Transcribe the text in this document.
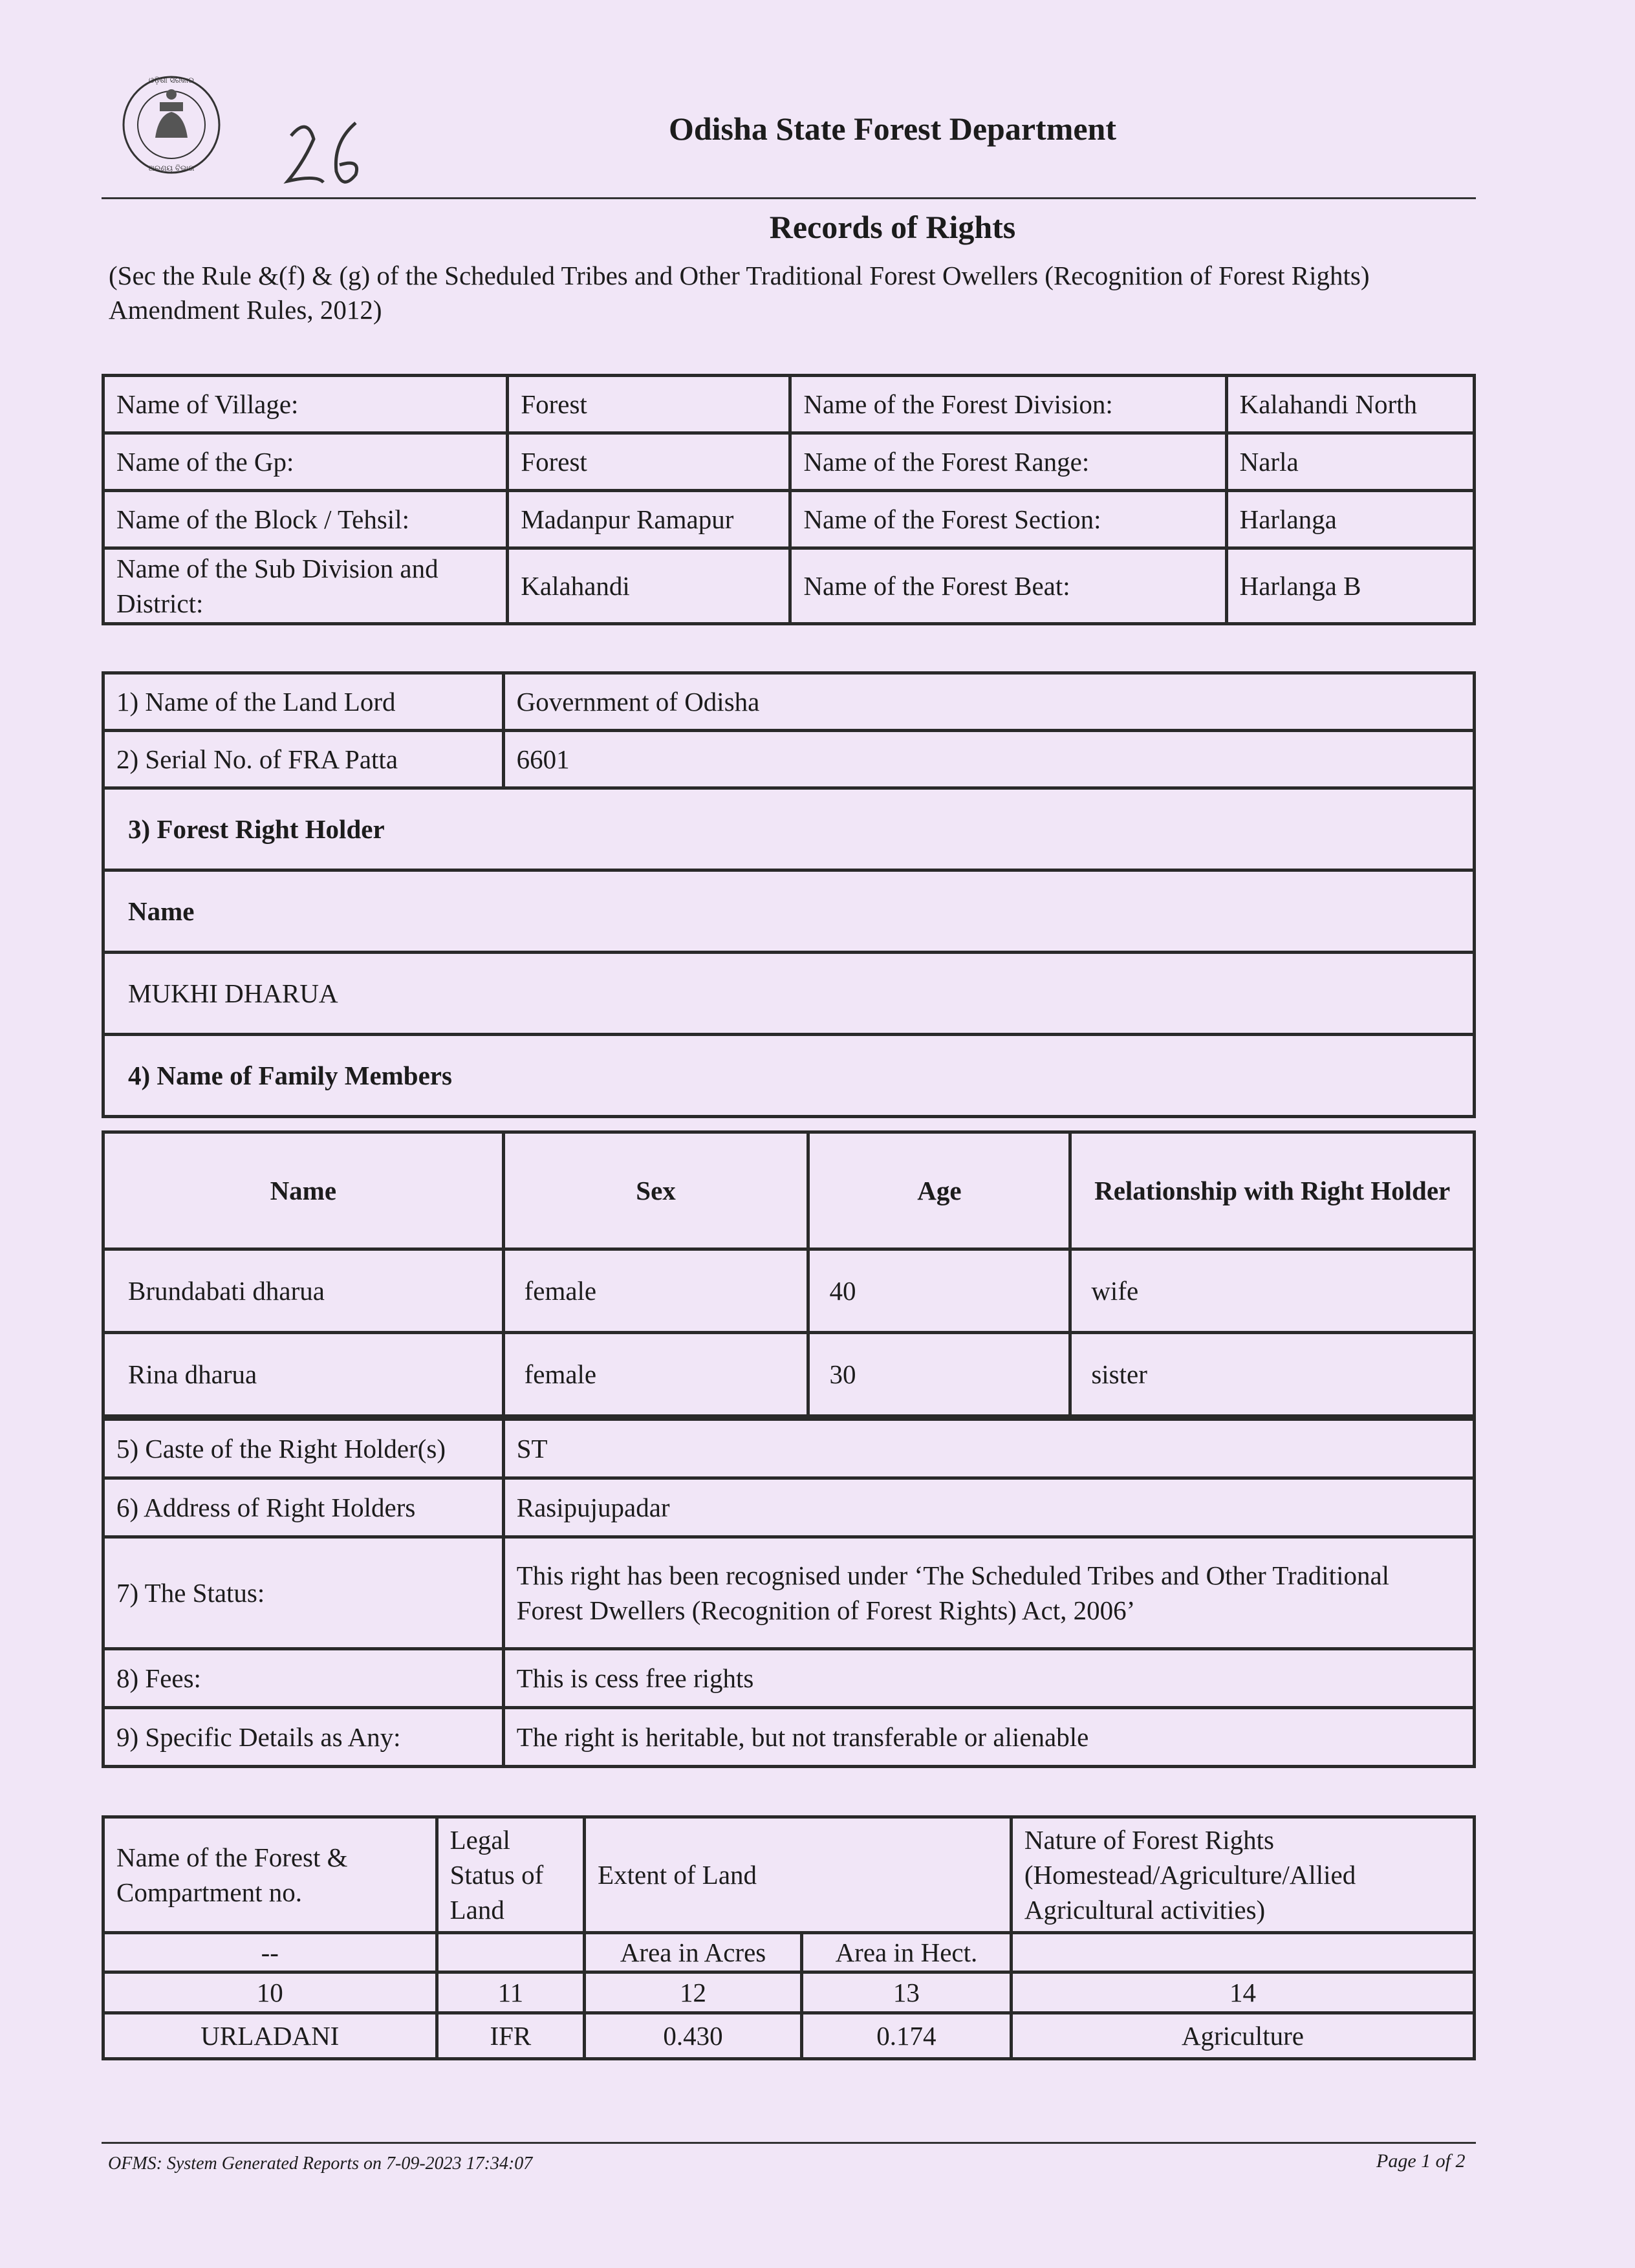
ଓଡ଼ିଶା ସରକାର
ଅରଣ୍ୟ ବିଭାଗ
Odisha State Forest Department
Records of Rights
(Sec the Rule &(f) & (g) of the Scheduled Tribes and Other Traditional Forest Owellers (Recognition of Forest Rights) Amendment Rules, 2012)
Name of Village:	Forest	Name of the Forest Division:	Kalahandi North
Name of the Gp:	Forest	Name of the Forest Range:	Narla
Name of the Block / Tehsil:	Madanpur Ramapur	Name of the Forest Section:	Harlanga
Name of the Sub Division and District:	Kalahandi	Name of the Forest Beat:	Harlanga B
1) Name of the Land Lord	Government of Odisha
2) Serial No. of FRA Patta	6601
3) Forest Right Holder	
Name	
MUKHI DHARUA	
4) Name of Family Members	
Name	Sex	Age	Relationship with Right Holder
Brundabati dharua	female	40	wife
Rina dharua	female	30	sister
5) Caste of the Right Holder(s)	ST
6) Address of Right Holders	Rasipujupadar
7) The Status:	This right has been recognised under ‘The Scheduled Tribes and Other Traditional
Forest Dwellers (Recognition of Forest Rights) Act, 2006’

8) Fees:	This is cess free rights
9) Specific Details as Any:	The right is heritable, but not transferable or alienable
Name of the Forest & Compartment no.	Legal Status of Land	Extent of Land		Nature of Forest Rights (Homestead/Agriculture/Allied Agricultural activities)
--		Area in Acres	Area in Hect.	
10	11	12	13	14
URLADANI	IFR	0.430	0.174	Agriculture
OFMS: System Generated Reports on 7-09-2023 17:34:07	Page 1 of 2
